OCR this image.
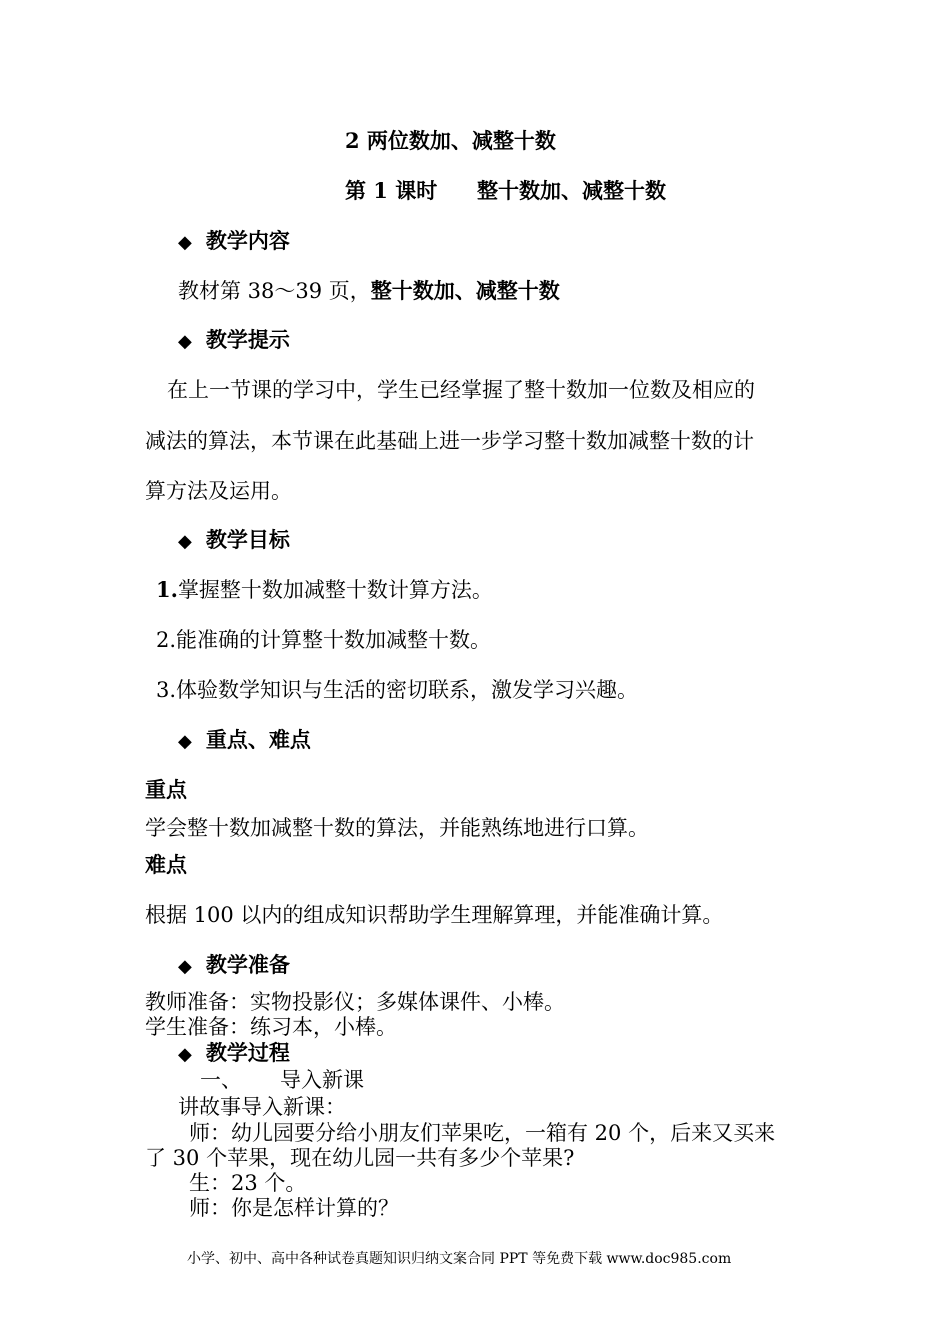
2 两位数加、减整十数
第 1 课时 整十数加、减整十数
◆ 教学内容
教材第 38～39 页，整十数加、减整十数
◆ 教学提示
在上一节课的学习中，学生已经掌握了整十数加一位数及相应的
减法的算法，本节课在此基础上进一步学习整十数加减整十数的计
算方法及运用。
◆ 教学目标
1.掌握整十数加减整十数计算方法。
2.能准确的计算整十数加减整十数。
3.体验数学知识与生活的密切联系，激发学习兴趣。
◆ 重点、难点
重点
学会整十数加减整十数的算法，并能熟练地进行口算。
难点
根据 100 以内的组成知识帮助学生理解算理，并能准确计算。
◆ 教学准备
教师准备：实物投影仪；多媒体课件、小棒。
学生准备：练习本，小棒。
◆ 教学过程
一、 导入新课
讲故事导入新课：
师：幼儿园要分给小朋友们苹果吃，一箱有 20 个，后来又买来
了 30 个苹果，现在幼儿园一共有多少个苹果?
生：23 个。
师：你是怎样计算的？
小学、初中、高中各种试卷真题知识归纳文案合同 PPT 等免费下载 www.doc985.com
